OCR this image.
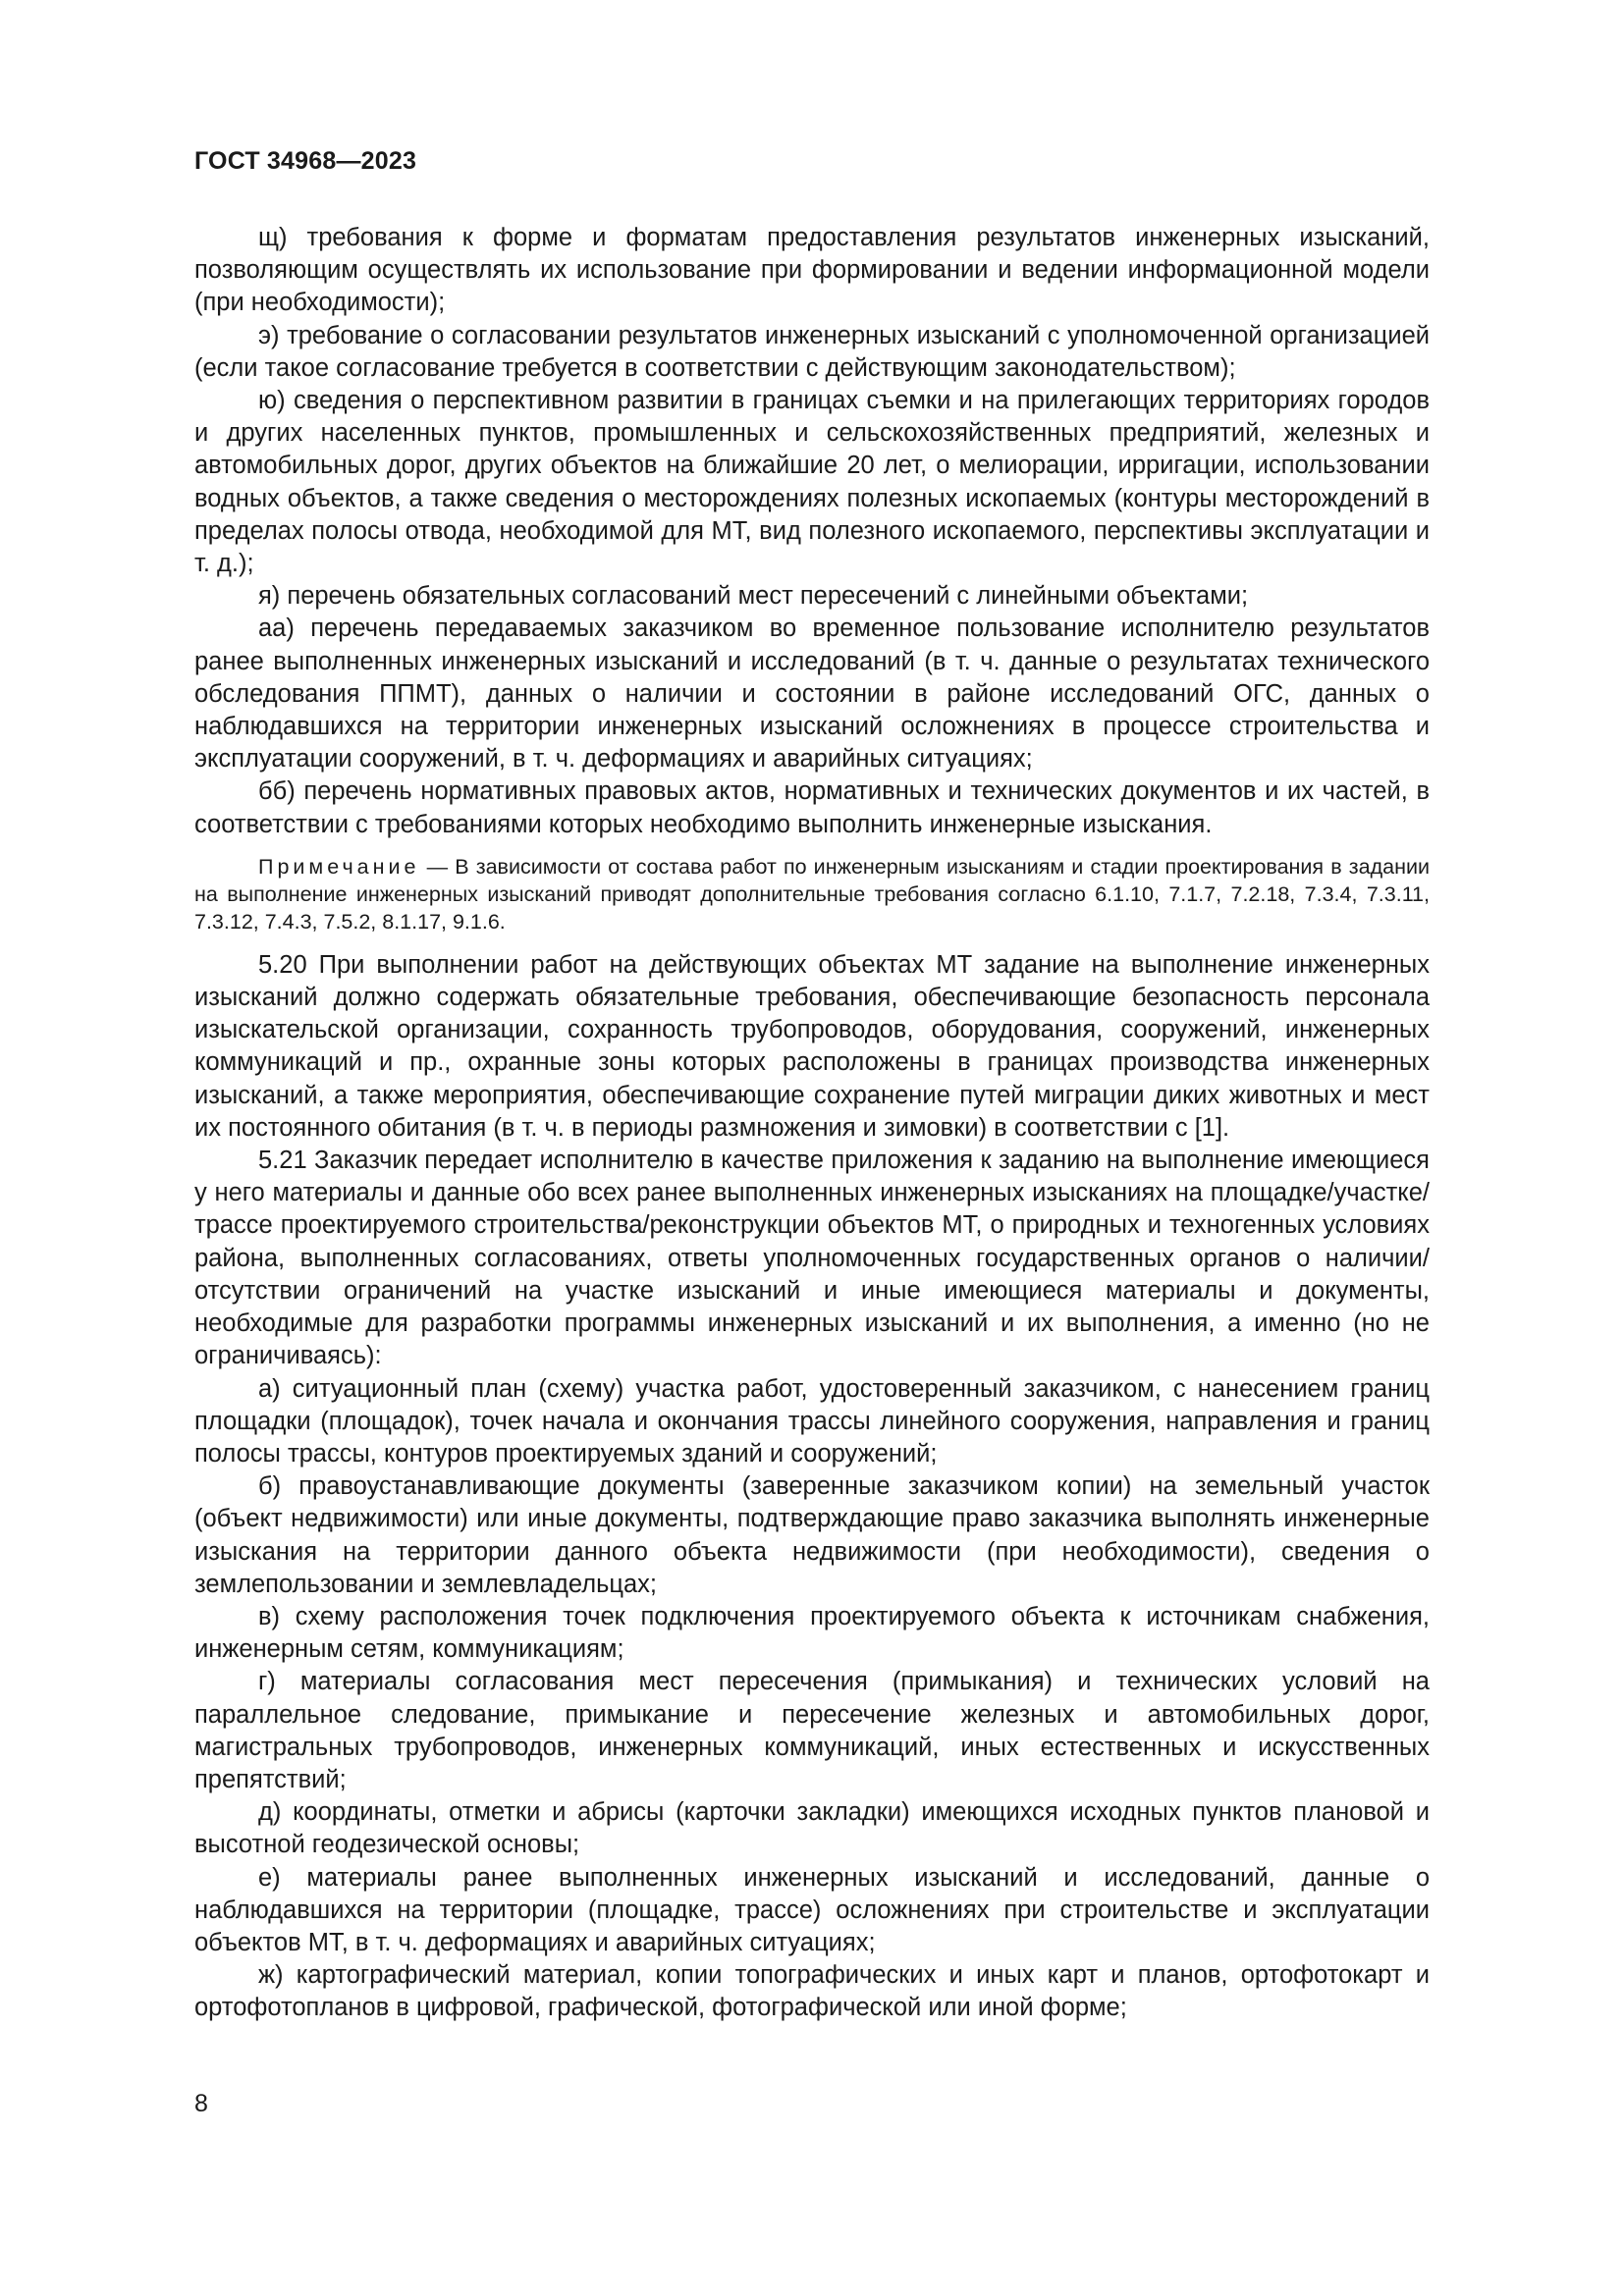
ГОСТ 34968—2023

щ) требования к форме и форматам предоставления результатов инженерных изысканий, позволяющим осуществлять их использование при формировании и ведении информационной модели (при необходимости);

э) требование о согласовании результатов инженерных изысканий с уполномоченной организацией (если такое согласование требуется в соответствии с действующим законодательством);

ю) сведения о перспективном развитии в границах съемки и на прилегающих территориях городов и других населенных пунктов, промышленных и сельскохозяйственных предприятий, железных и автомобильных дорог, других объектов на ближайшие 20 лет, о мелиорации, ирригации, использовании водных объектов, а также сведения о месторождениях полезных ископаемых (контуры месторождений в пределах полосы отвода, необходимой для МТ, вид полезного ископаемого, перспективы эксплуатации и т. д.);

я) перечень обязательных согласований мест пересечений с линейными объектами;

аа) перечень передаваемых заказчиком во временное пользование исполнителю результатов ранее выполненных инженерных изысканий и исследований (в т. ч. данные о результатах технического обследования ППМТ), данных о наличии и состоянии в районе исследований ОГС, данных о наблюдавшихся на территории инженерных изысканий осложнениях в процессе строительства и эксплуатации сооружений, в т. ч. деформациях и аварийных ситуациях;

бб) перечень нормативных правовых актов, нормативных и технических документов и их частей, в соответствии с требованиями которых необходимо выполнить инженерные изыскания.

Примечание — В зависимости от состава работ по инженерным изысканиям и стадии проектирования в задании на выполнение инженерных изысканий приводят дополнительные требования согласно 6.1.10, 7.1.7, 7.2.18, 7.3.4, 7.3.11, 7.3.12, 7.4.3, 7.5.2, 8.1.17, 9.1.6.

5.20 При выполнении работ на действующих объектах МТ задание на выполнение инженерных изысканий должно содержать обязательные требования, обеспечивающие безопасность персонала изыскательской организации, сохранность трубопроводов, оборудования, сооружений, инженерных коммуникаций и пр., охранные зоны которых расположены в границах производства инженерных изысканий, а также мероприятия, обеспечивающие сохранение путей миграции диких животных и мест их постоянного обитания (в т. ч. в периоды размножения и зимовки) в соответствии с [1].

5.21 Заказчик передает исполнителю в качестве приложения к заданию на выполнение имеющиеся у него материалы и данные обо всех ранее выполненных инженерных изысканиях на площадке/участке/трассе проектируемого строительства/реконструкции объектов МТ, о природных и техногенных условиях района, выполненных согласованиях, ответы уполномоченных государственных органов о наличии/отсутствии ограничений на участке изысканий и иные имеющиеся материалы и документы, необходимые для разработки программы инженерных изысканий и их выполнения, а именно (но не ограничиваясь):

а) ситуационный план (схему) участка работ, удостоверенный заказчиком, с нанесением границ площадки (площадок), точек начала и окончания трассы линейного сооружения, направления и границ полосы трассы, контуров проектируемых зданий и сооружений;

б) правоустанавливающие документы (заверенные заказчиком копии) на земельный участок (объект недвижимости) или иные документы, подтверждающие право заказчика выполнять инженерные изыскания на территории данного объекта недвижимости (при необходимости), сведения о землепользовании и землевладельцах;

в) схему расположения точек подключения проектируемого объекта к источникам снабжения, инженерным сетям, коммуникациям;

г) материалы согласования мест пересечения (примыкания) и технических условий на параллельное следование, примыкание и пересечение железных и автомобильных дорог, магистральных трубопроводов, инженерных коммуникаций, иных естественных и искусственных препятствий;

д) координаты, отметки и абрисы (карточки закладки) имеющихся исходных пунктов плановой и высотной геодезической основы;

е) материалы ранее выполненных инженерных изысканий и исследований, данные о наблюдавшихся на территории (площадке, трассе) осложнениях при строительстве и эксплуатации объектов МТ, в т. ч. деформациях и аварийных ситуациях;

ж) картографический материал, копии топографических и иных карт и планов, ортофотокарт и ортофотопланов в цифровой, графической, фотографической или иной форме;

8
